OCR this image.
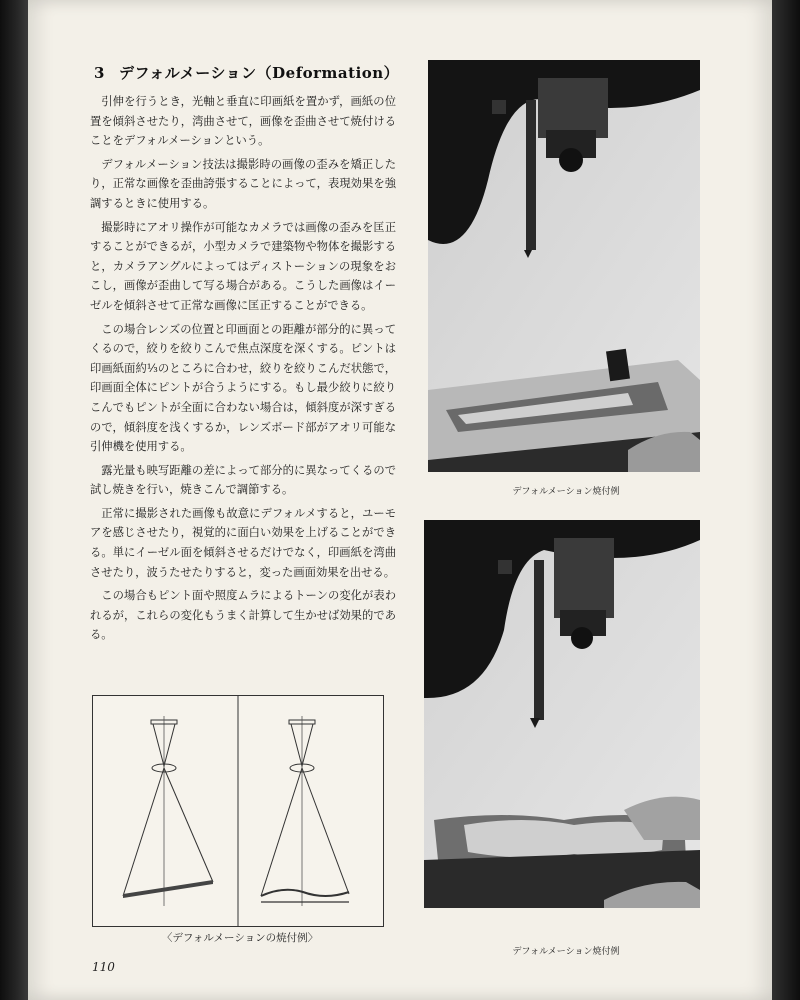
3 デフォルメーション（Deformation）

引伸を行うとき，光軸と垂直に印画紙を置かず，画紙の位置を傾斜させたり，湾曲させて，画像を歪曲させて焼付けることをデフォルメーションという。

デフォルメーション技法は撮影時の画像の歪みを矯正したり，正常な画像を歪曲誇張することによって，表現効果を強調するときに使用する。

撮影時にアオリ操作が可能なカメラでは画像の歪みを匡正することができるが，小型カメラで建築物や物体を撮影すると，カメラアングルによってはディストーションの現象をおこし，画像が歪曲して写る場合がある。こうした画像はイーゼルを傾斜させて正常な画像に匡正することができる。

この場合レンズの位置と印画面との距離が部分的に異ってくるので，絞りを絞りこんで焦点深度を深くする。ピントは印画紙面約⅓のところに合わせ，絞りを絞りこんだ状態で，印画面全体にピントが合うようにする。もし最少絞りに絞りこんでもピントが全面に合わない場合は，傾斜度が深すぎるので，傾斜度を浅くするか，レンズボード部がアオリ可能な引伸機を使用する。

露光量も映写距離の差によって部分的に異なってくるので試し焼きを行い，焼きこんで調節する。

正常に撮影された画像も故意にデフォルメすると，ユーモアを感じさせたり，視覚的に面白い効果を上げることができる。単にイーゼル面を傾斜させるだけでなく，印画紙を湾曲させたり，波うたせたりすると，変った画面効果を出せる。

この場合もピント面や照度ムラによるトーンの変化が表われるが，これらの変化もうまく計算して生かせば効果的である。

デフォルメーション焼付例
デフォルメーション焼付例
〈デフォルメーションの焼付例〉
110
